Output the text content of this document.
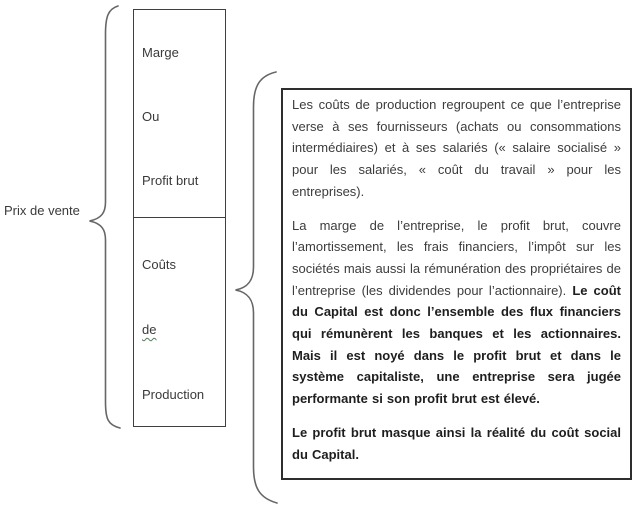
Prix de vente
Marge
Ou
Profit brut
Coûts
de
Production

Les coûts de production regroupent ce que l’entreprise verse à ses fournisseurs (achats ou consommations intermédiaires) et à ses salariés (« salaire socialisé » pour les salariés, « coût du travail » pour les entreprises).

La marge de l’entreprise, le profit brut, couvre l’amortissement, les frais financiers, l’impôt sur les sociétés mais aussi la rémunération des propriétaires de l’entreprise (les dividendes pour l’actionnaire). Le coût du Capital est donc l’ensemble des flux financiers qui rémunèrent les banques et les actionnaires. Mais il est noyé dans le profit brut et dans le système capitaliste, une entreprise sera jugée performante si son profit brut est élevé.

Le profit brut masque ainsi la réalité du coût social du Capital.
